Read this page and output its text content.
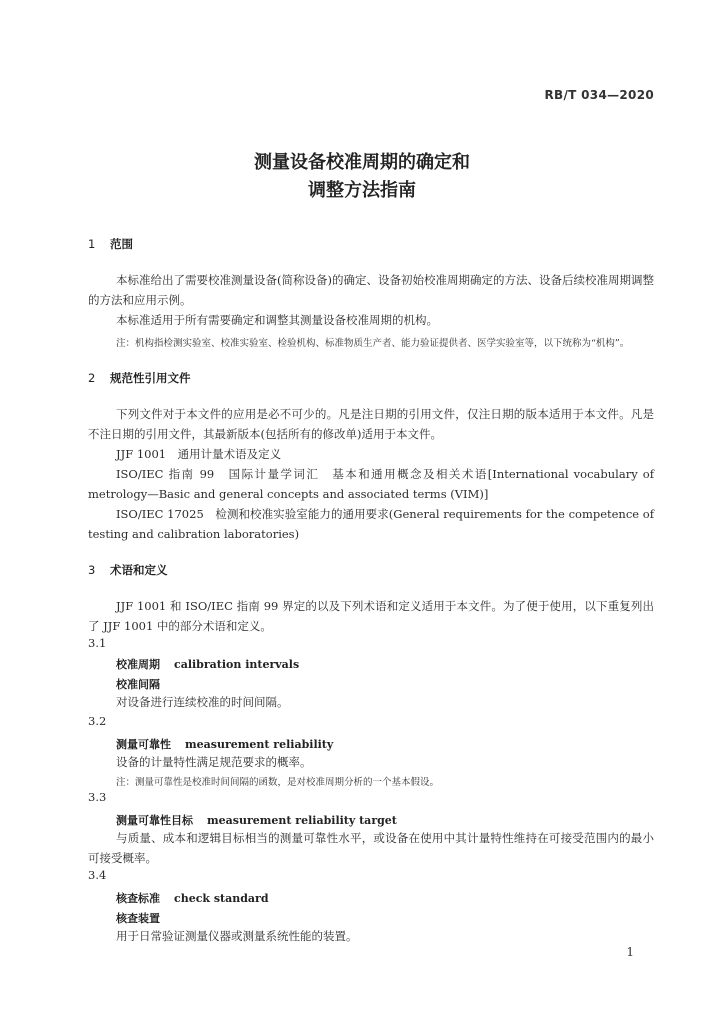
RB/T 034—2020
测量设备校准周期的确定和
调整方法指南
1 范围
本标准给出了需要校准测量设备(简称设备)的确定、设备初始校准周期确定的方法、设备后续校准周期调整的方法和应用示例。
本标准适用于所有需要确定和调整其测量设备校准周期的机构。
注：机构指检测实验室、校准实验室、检验机构、标准物质生产者、能力验证提供者、医学实验室等，以下统称为“机构”。
2 规范性引用文件
下列文件对于本文件的应用是必不可少的。凡是注日期的引用文件，仅注日期的版本适用于本文件。凡是不注日期的引用文件，其最新版本(包括所有的修改单)适用于本文件。
JJF 1001　通用计量术语及定义
ISO/IEC 指南 99　国际计量学词汇　基本和通用概念及相关术语[International vocabulary of metrology—Basic and general concepts and associated terms (VIM)]
ISO/IEC 17025　检测和校准实验室能力的通用要求(General requirements for the competence of testing and calibration laboratories)
3 术语和定义
JJF 1001 和 ISO/IEC 指南 99 界定的以及下列术语和定义适用于本文件。为了便于使用，以下重复列出了 JJF 1001 中的部分术语和定义。
3.1
校准周期 calibration intervals
校准间隔
对设备进行连续校准的时间间隔。
3.2
测量可靠性 measurement reliability
设备的计量特性满足规范要求的概率。
注：测量可靠性是校准时间间隔的函数，是对校准周期分析的一个基本假设。
3.3
测量可靠性目标 measurement reliability target
与质量、成本和逻辑目标相当的测量可靠性水平，或设备在使用中其计量特性维持在可接受范围内的最小可接受概率。
3.4
核查标准 check standard
核查装置
用于日常验证测量仪器或测量系统性能的装置。
1
